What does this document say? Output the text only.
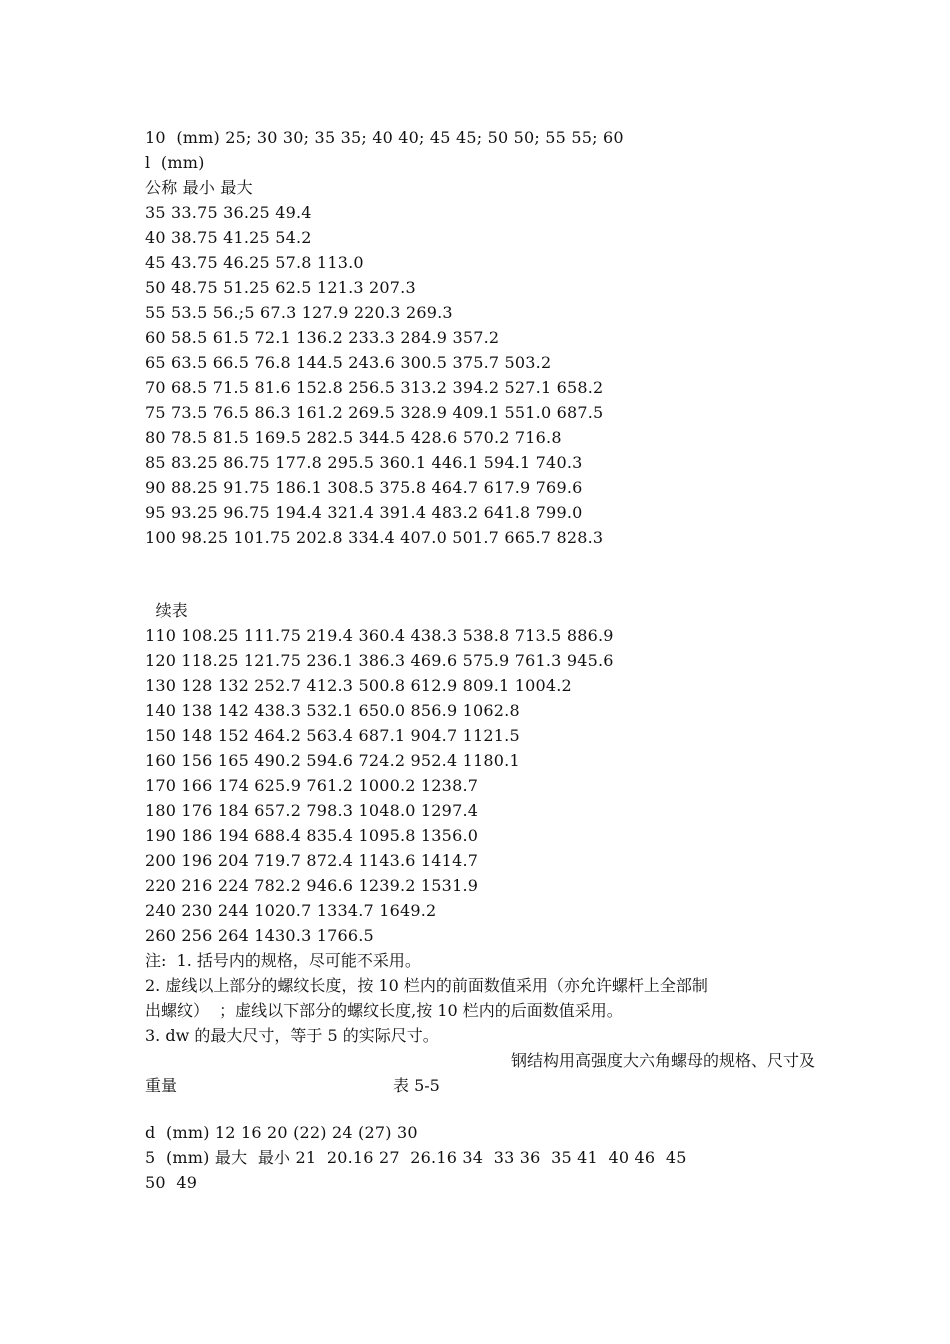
10  (mm) 25; 30 30; 35 35; 40 40; 45 45; 50 50; 55 55; 60
l  (mm)
公称 最小 最大
35 33.75 36.25 49.4
40 38.75 41.25 54.2
45 43.75 46.25 57.8 113.0
50 48.75 51.25 62.5 121.3 207.3
55 53.5 56.;5 67.3 127.9 220.3 269.3
60 58.5 61.5 72.1 136.2 233.3 284.9 357.2
65 63.5 66.5 76.8 144.5 243.6 300.5 375.7 503.2
70 68.5 71.5 81.6 152.8 256.5 313.2 394.2 527.1 658.2
75 73.5 76.5 86.3 161.2 269.5 328.9 409.1 551.0 687.5
80 78.5 81.5 169.5 282.5 344.5 428.6 570.2 716.8
85 83.25 86.75 177.8 295.5 360.1 446.1 594.1 740.3
90 88.25 91.75 186.1 308.5 375.8 464.7 617.9 769.6
95 93.25 96.75 194.4 321.4 391.4 483.2 641.8 799.0
100 98.25 101.75 202.8 334.4 407.0 501.7 665.7 828.3
续表
110 108.25 111.75 219.4 360.4 438.3 538.8 713.5 886.9
120 118.25 121.75 236.1 386.3 469.6 575.9 761.3 945.6
130 128 132 252.7 412.3 500.8 612.9 809.1 1004.2
140 138 142 438.3 532.1 650.0 856.9 1062.8
150 148 152 464.2 563.4 687.1 904.7 1121.5
160 156 165 490.2 594.6 724.2 952.4 1180.1
170 166 174 625.9 761.2 1000.2 1238.7
180 176 184 657.2 798.3 1048.0 1297.4
190 186 194 688.4 835.4 1095.8 1356.0
200 196 204 719.7 872.4 1143.6 1414.7
220 216 224 782.2 946.6 1239.2 1531.9
240 230 244 1020.7 1334.7 1649.2
260 256 264 1430.3 1766.5
注:  1. 括号内的规格，尽可能不采用。
2. 虚线以上部分的螺纹长度，按 10 栏内的前面数值采用（亦允许螺杆上全部制
出螺纹）  ；虚线以下部分的螺纹长度,按 10 栏内的后面数值采用。
3. dw 的最大尺寸，等于 5 的实际尺寸。
钢结构用高强度大六角螺母的规格、尺寸及
重量	表 5-5
d  (mm) 12 16 20 (22) 24 (27) 30
5  (mm) 最大  最小 21  20.16 27  26.16 34  33 36  35 41  40 46  45
50  49
